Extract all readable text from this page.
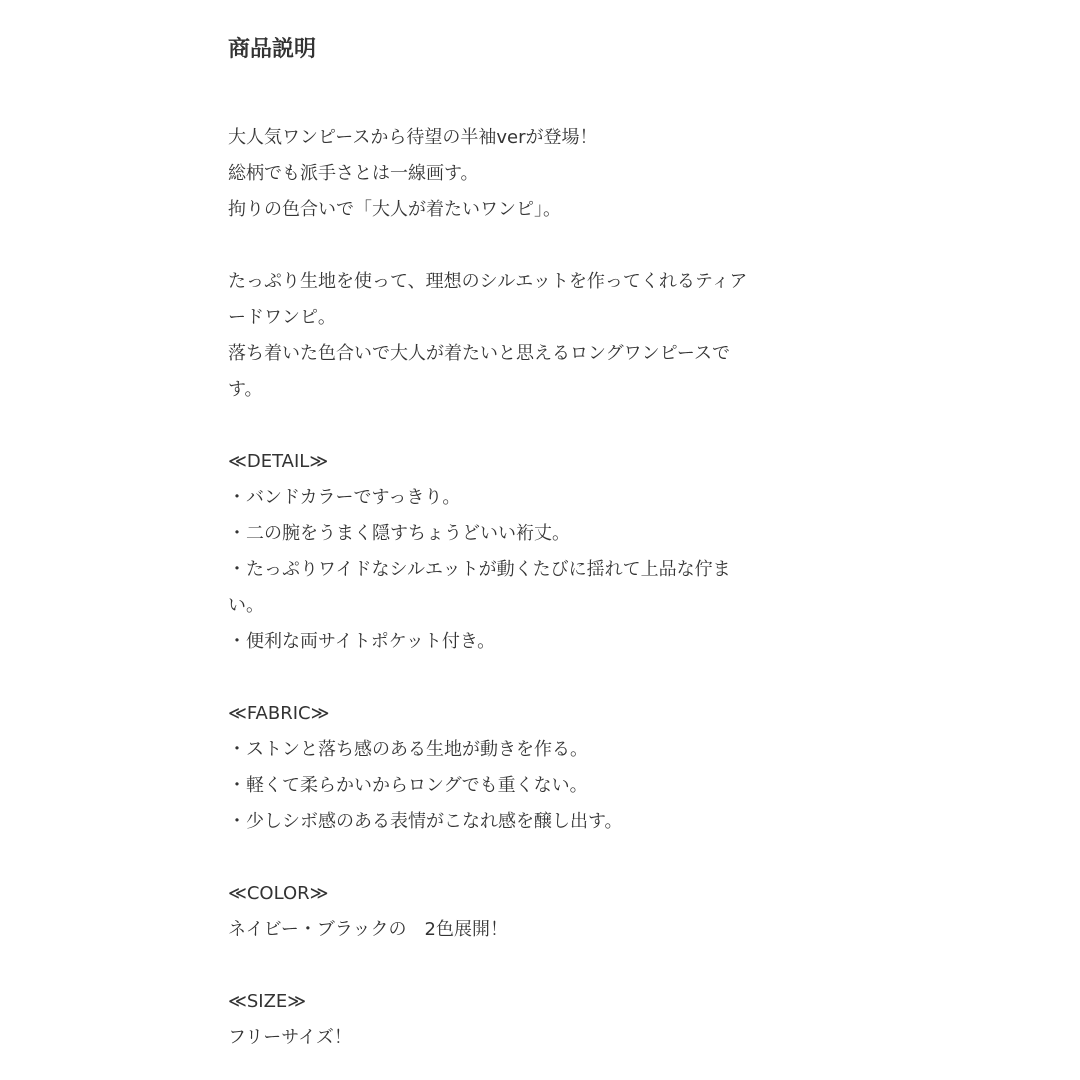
商品説明
大人気ワンピースから待望の半袖verが登場！
総柄でも派手さとは一線画す。
拘りの色合いで「大人が着たいワンピ」。
たっぷり生地を使って、理想のシルエットを作ってくれるティア
ードワンピ。
落ち着いた色合いで大人が着たいと思えるロングワンピースで
す。
≪DETAIL≫
・バンドカラーですっきり。
・二の腕をうまく隠すちょうどいい裄丈。
・たっぷりワイドなシルエットが動くたびに揺れて上品な佇ま
い。
・便利な両サイトポケット付き。
≪FABRIC≫
・ストンと落ち感のある生地が動きを作る。
・軽くて柔らかいからロングでも重くない。
・少しシボ感のある表情がこなれ感を醸し出す。
≪COLOR≫
ネイビー・ブラックの　2色展開！
≪SIZE≫
フリーサイズ！
